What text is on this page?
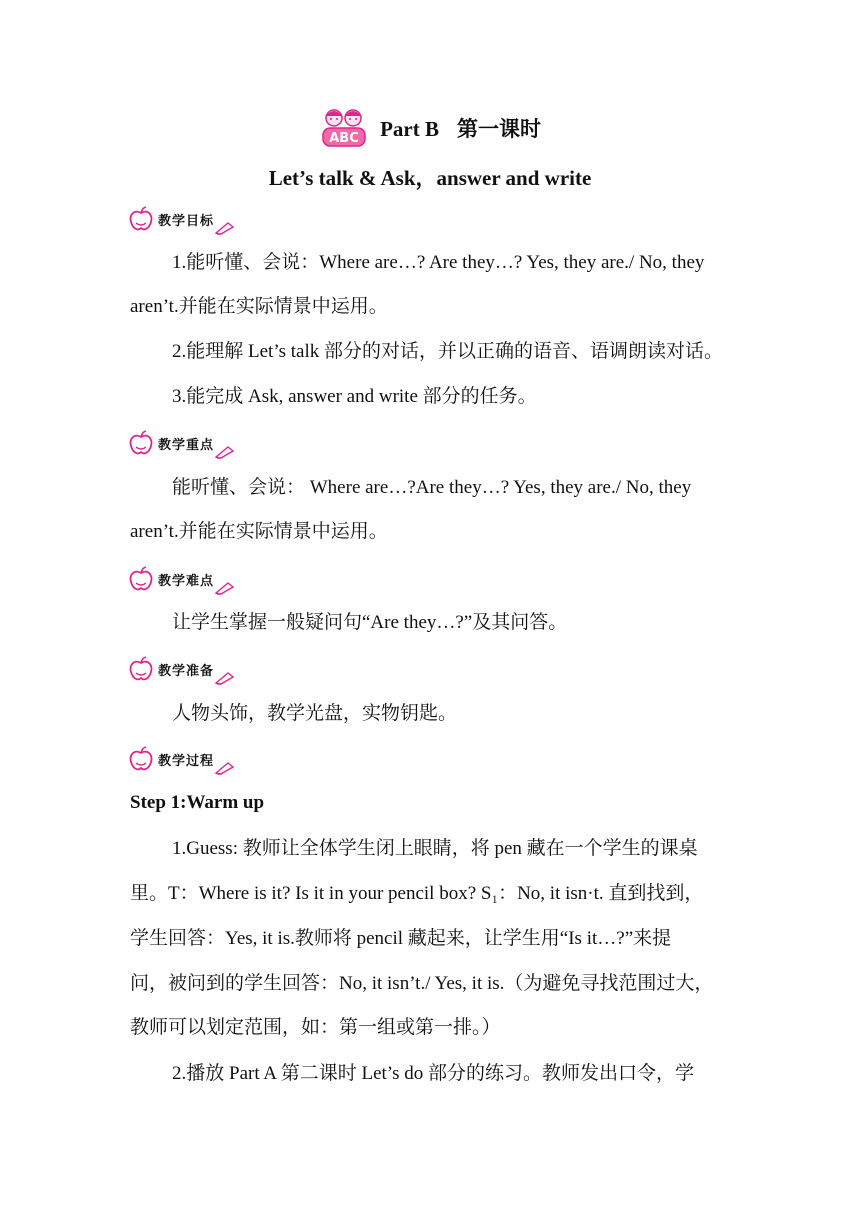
ABC Part B 第一课时
Let’s talk & Ask，answer and write
教学目标
1.能听懂、会说：Where are…? Are they…? Yes, they are./ No, they
aren’t.并能在实际情景中运用。
2.能理解 Let’s talk 部分的对话，并以正确的语音、语调朗读对话。
3.能完成 Ask, answer and write 部分的任务。
教学重点
能听懂、会说： Where are…?Are they…? Yes, they are./ No, they
aren’t.并能在实际情景中运用。
教学难点
让学生掌握一般疑问句“Are they…?”及其问答。
教学准备
人物头饰，教学光盘，实物钥匙。
教学过程
Step 1:Warm up
1.Guess: 教师让全体学生闭上眼睛，将 pen 藏在一个学生的课桌
里。T：Where is it? Is it in your pencil box? S₁：No, it isn·t. 直到找到，
学生回答：Yes, it is.教师将 pencil 藏起来，让学生用“Is it…?”来提
问，被问到的学生回答：No, it isn’t./ Yes, it is.（为避免寻找范围过大，
教师可以划定范围，如：第一组或第一排。）
2.播放 Part A 第二课时 Let’s do 部分的练习。教师发出口令，学
